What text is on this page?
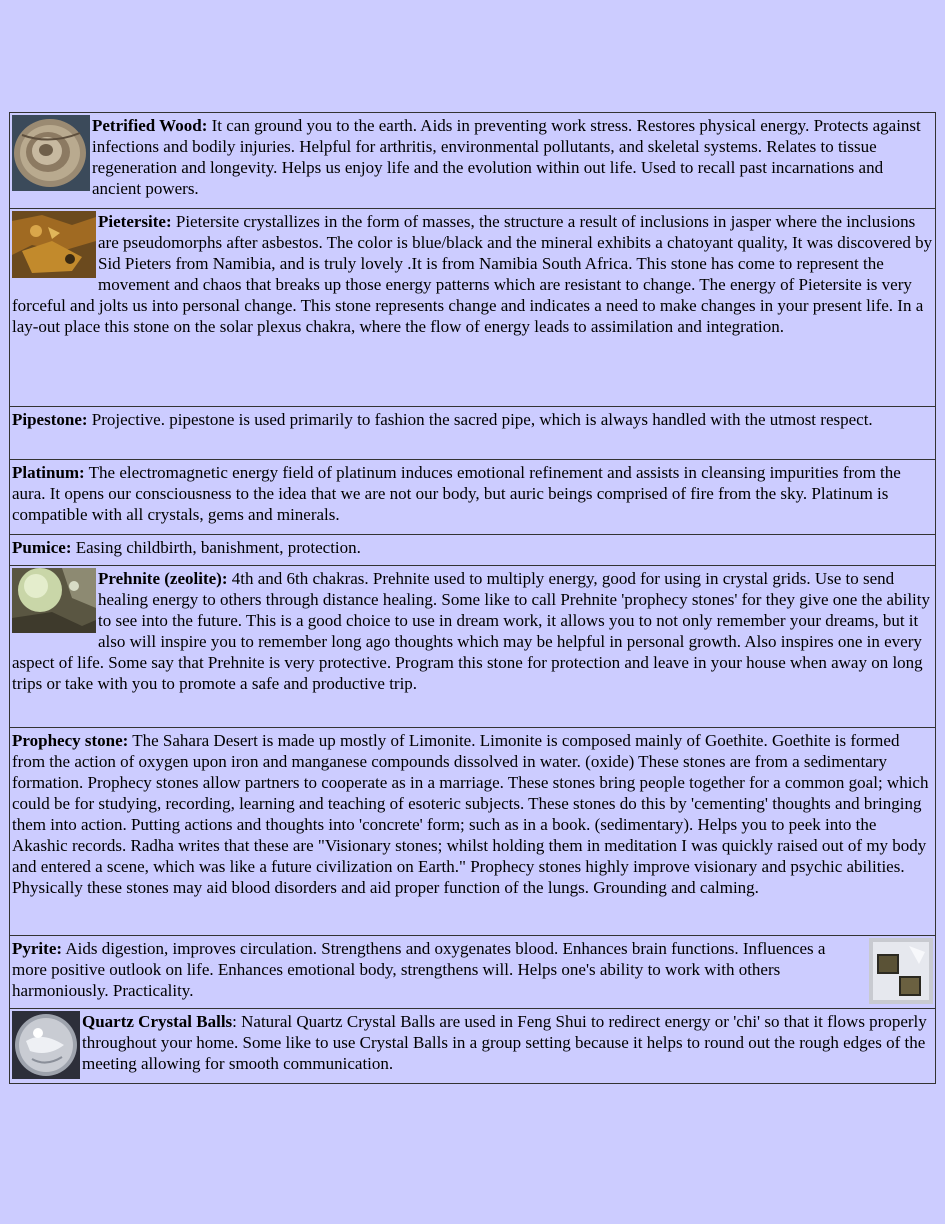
Petrified Wood: It can ground you to the earth. Aids in preventing work stress. Restores physical energy. Protects against infections and bodily injuries. Helpful for arthritis, environmental pollutants, and skeletal systems. Relates to tissue regeneration and longevity. Helps us enjoy life and the evolution within out life. Used to recall past incarnations and ancient powers.

Pietersite: Pietersite crystallizes in the form of masses, the structure a result of inclusions in jasper where the inclusions are pseudomorphs after asbestos. The color is blue/black and the mineral exhibits a chatoyant quality, It was discovered by Sid Pieters from Namibia, and is truly lovely .It is from Namibia South Africa. This stone has come to represent the movement and chaos that breaks up those energy patterns which are resistant to change. The energy of Pietersite is very forceful and jolts us into personal change. This stone represents change and indicates a need to make changes in your present life. In a lay-out place this stone on the solar plexus chakra, where the flow of energy leads to assimilation and integration.
Pipestone: Projective. pipestone is used primarily to fashion the sacred pipe, which is always handled with the utmost respect.
Platinum: The electromagnetic energy field of platinum induces emotional refinement and assists in cleansing impurities from the aura. It opens our consciousness to the idea that we are not our body, but auric beings comprised of fire from the sky. Platinum is compatible with all crystals, gems and minerals.
Pumice: Easing childbirth, banishment, protection.

Prehnite (zeolite): 4th and 6th chakras. Prehnite used to multiply energy, good for using in crystal grids. Use to send healing energy to others through distance healing. Some like to call Prehnite 'prophecy stones' for they give one the ability to see into the future. This is a good choice to use in dream work, it allows you to not only remember your dreams, but it also will inspire you to remember long ago thoughts which may be helpful in personal growth. Also inspires one in every aspect of life. Some say that Prehnite is very protective. Program this stone for protection and leave in your house when away on long trips or take with you to promote a safe and productive trip.
Prophecy stone: The Sahara Desert is made up mostly of Limonite. Limonite is composed mainly of Goethite. Goethite is formed from the action of oxygen upon iron and manganese compounds dissolved in water. (oxide) These stones are from a sedimentary formation. Prophecy stones allow partners to cooperate as in a marriage. These stones bring people together for a common goal; which could be for studying, recording, learning and teaching of esoteric subjects. These stones do this by 'cementing' thoughts and bringing them into action. Putting actions and thoughts into 'concrete' form; such as in a book. (sedimentary). Helps you to peek into the Akashic records. Radha writes that these are "Visionary stones; whilst holding them in meditation I was quickly raised out of my body and entered a scene, which was like a future civilization on Earth." Prophecy stones highly improve visionary and psychic abilities. Physically these stones may aid blood disorders and aid proper function of the lungs. Grounding and calming.

Pyrite: Aids digestion, improves circulation. Strengthens and oxygenates blood. Enhances brain functions. Influences a more positive outlook on life. Enhances emotional body, strengthens will. Helps one's ability to work with others harmoniously. Practicality.

Quartz Crystal Balls: Natural Quartz Crystal Balls are used in Feng Shui to redirect energy or 'chi' so that it flows properly throughout your home. Some like to use Crystal Balls in a group setting because it helps to round out the rough edges of the meeting allowing for smooth communication.
